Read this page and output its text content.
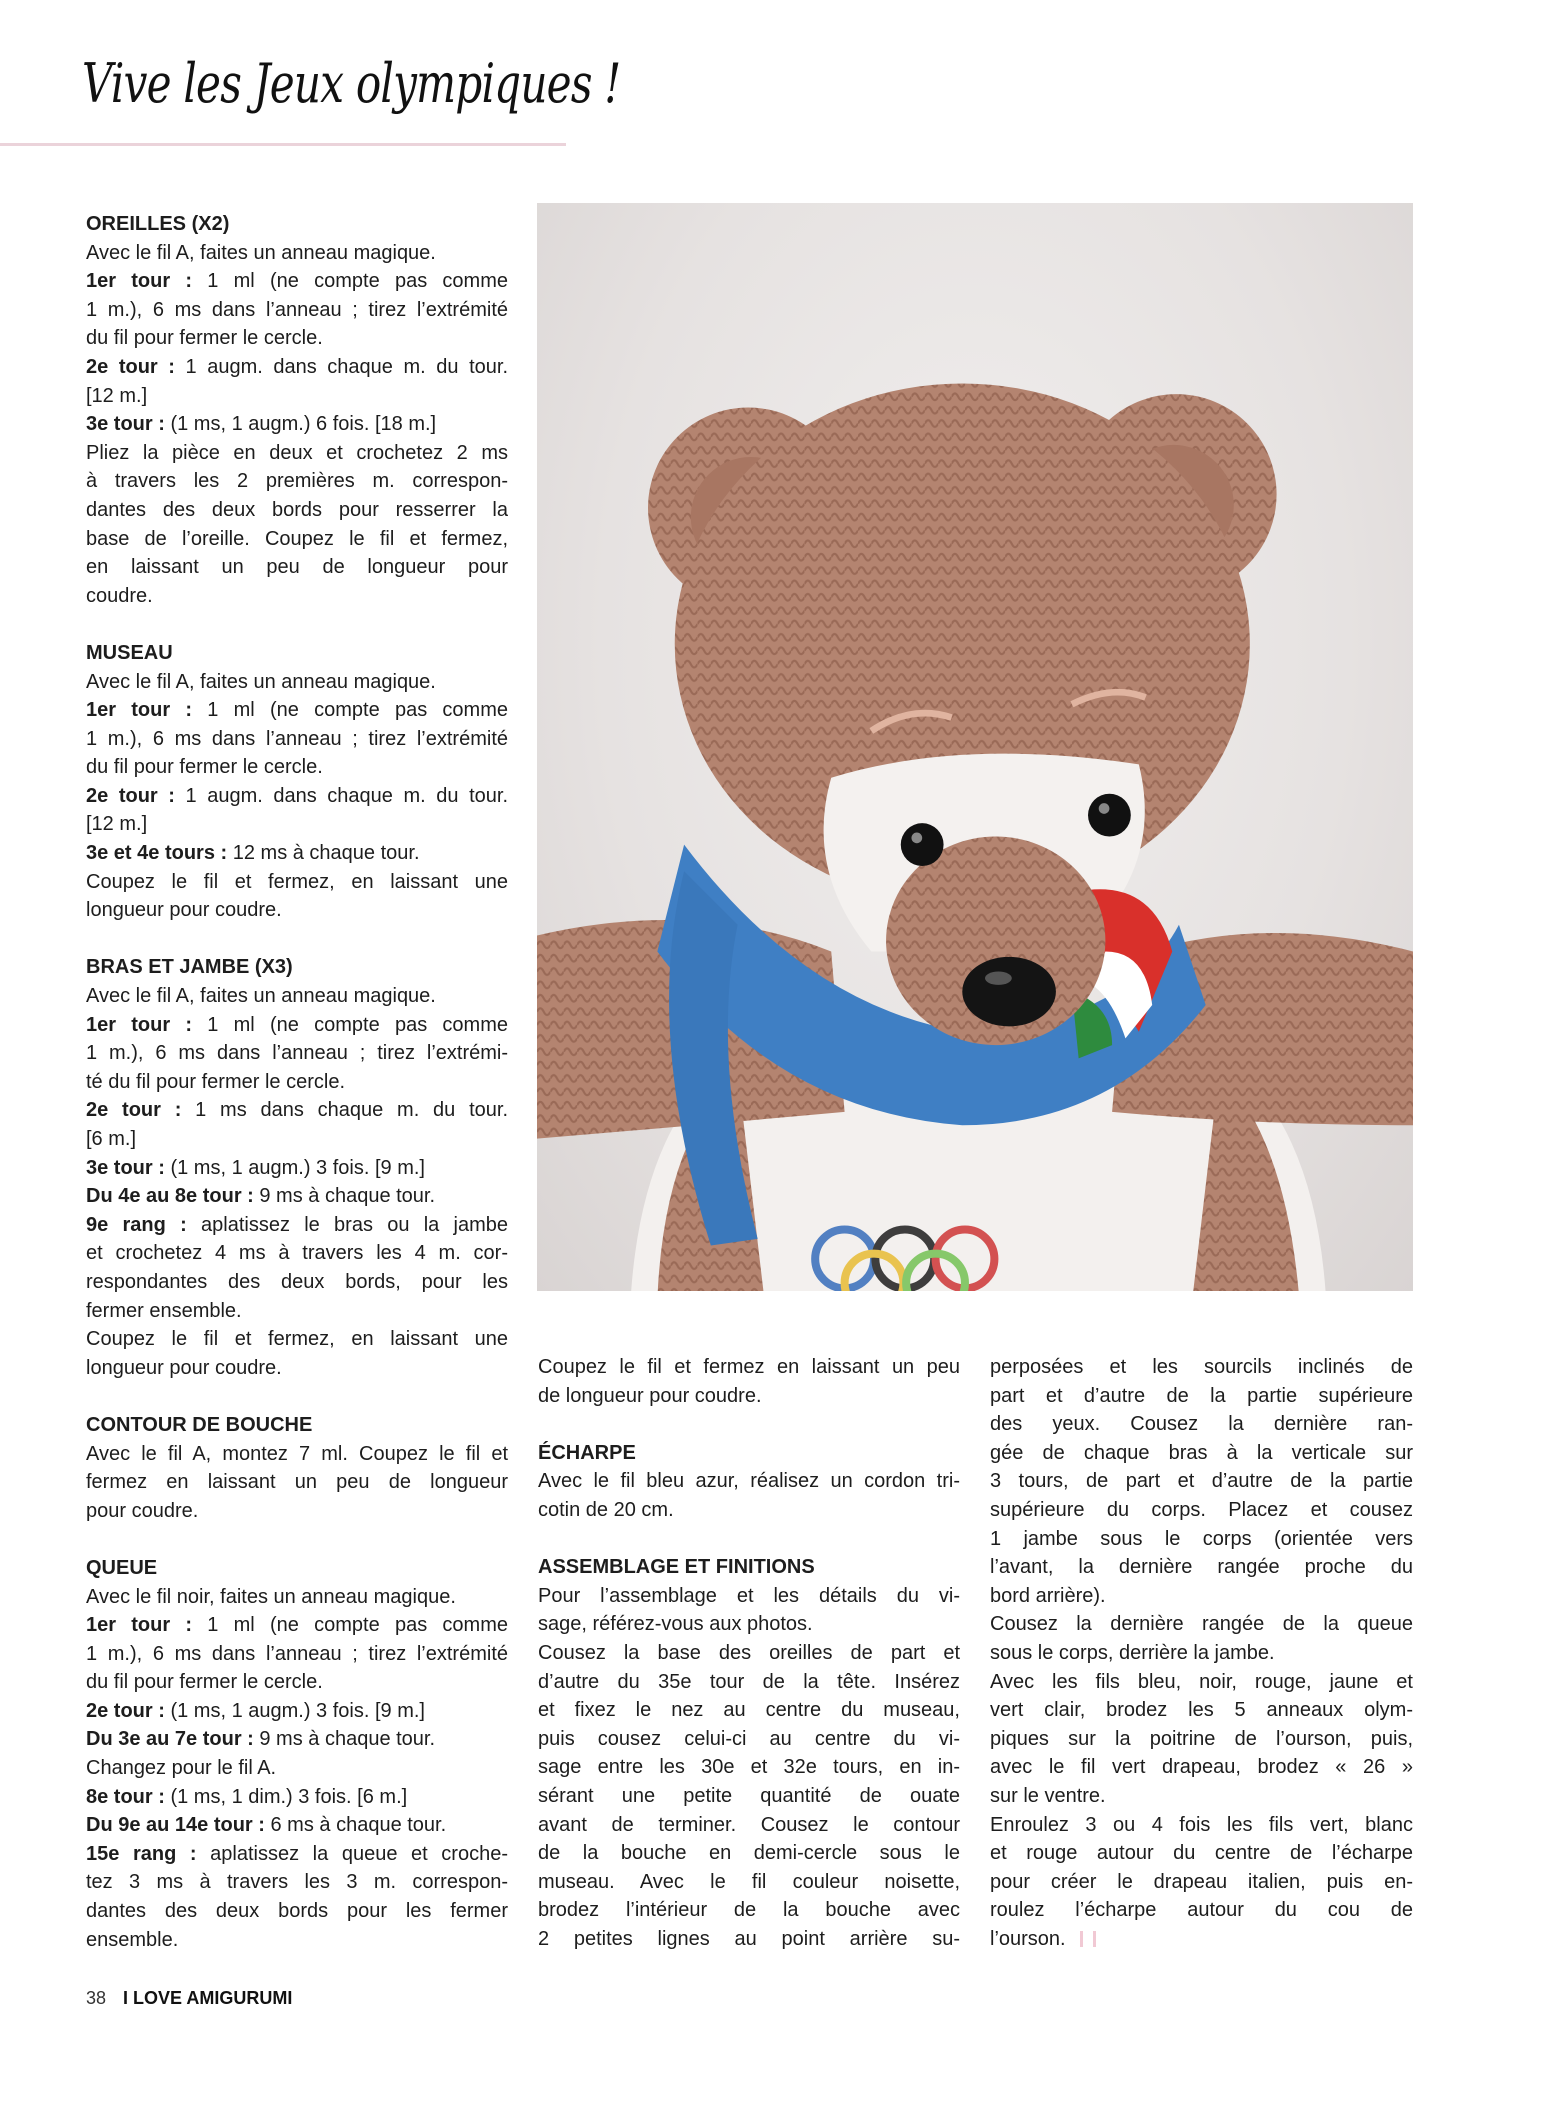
Vive les Jeux olympiques !
OREILLES (X2)
Avec le fil A, faites un anneau magique.
1er tour : 1 ml (ne compte pas comme
1 m.), 6 ms dans l’anneau ; tirez l’extrémité
du fil pour fermer le cercle.
2e tour : 1 augm. dans chaque m. du tour.
[12 m.]
3e tour : (1 ms, 1 augm.) 6 fois. [18 m.]
Pliez la pièce en deux et crochetez 2 ms
à travers les 2 premières m. correspon-
dantes des deux bords pour resserrer la
base de l’oreille. Coupez le fil et fermez,
en laissant un peu de longueur pour
coudre.
MUSEAU
Avec le fil A, faites un anneau magique.
1er tour : 1 ml (ne compte pas comme
1 m.), 6 ms dans l’anneau ; tirez l’extrémité
du fil pour fermer le cercle.
2e tour : 1 augm. dans chaque m. du tour.
[12 m.]
3e et 4e tours : 12 ms à chaque tour.
Coupez le fil et fermez, en laissant une
longueur pour coudre.
BRAS ET JAMBE (X3)
Avec le fil A, faites un anneau magique.
1er tour : 1 ml (ne compte pas comme
1 m.), 6 ms dans l’anneau ; tirez l’extrémi-
té du fil pour fermer le cercle.
2e tour : 1 ms dans chaque m. du tour.
[6 m.]
3e tour : (1 ms, 1 augm.) 3 fois. [9 m.]
Du 4e au 8e tour : 9 ms à chaque tour.
9e rang : aplatissez le bras ou la jambe
et crochetez 4 ms à travers les 4 m. cor-
respondantes des deux bords, pour les
fermer ensemble.
Coupez le fil et fermez, en laissant une
longueur pour coudre.
CONTOUR DE BOUCHE
Avec le fil A, montez 7 ml. Coupez le fil et
fermez en laissant un peu de longueur
pour coudre.
QUEUE
Avec le fil noir, faites un anneau magique.
1er tour : 1 ml (ne compte pas comme
1 m.), 6 ms dans l’anneau ; tirez l’extrémité
du fil pour fermer le cercle.
2e tour : (1 ms, 1 augm.) 3 fois. [9 m.]
Du 3e au 7e tour : 9 ms à chaque tour.
Changez pour le fil A.
8e tour : (1 ms, 1 dim.) 3 fois. [6 m.]
Du 9e au 14e tour : 6 ms à chaque tour.
15e rang : aplatissez la queue et croche-
tez 3 ms à travers les 3 m. correspon-
dantes des deux bords pour les fermer
ensemble.
Coupez le fil et fermez en laissant un peu
de longueur pour coudre.
ÉCHARPE
Avec le fil bleu azur, réalisez un cordon tri-
cotin de 20 cm.
ASSEMBLAGE ET FINITIONS
Pour l’assemblage et les détails du vi-
sage, référez-vous aux photos.
Cousez la base des oreilles de part et
d’autre du 35e tour de la tête. Insérez
et fixez le nez au centre du museau,
puis cousez celui-ci au centre du vi-
sage entre les 30e et 32e tours, en in-
sérant une petite quantité de ouate
avant de terminer. Cousez le contour
de la bouche en demi-cercle sous le
museau. Avec le fil couleur noisette,
brodez l’intérieur de la bouche avec
2 petites lignes au point arrière su-
perposées et les sourcils inclinés de
part et d’autre de la partie supérieure
des yeux. Cousez la dernière ran-
gée de chaque bras à la verticale sur
3 tours, de part et d’autre de la partie
supérieure du corps. Placez et cousez
1 jambe sous le corps (orientée vers
l’avant, la dernière rangée proche du
bord arrière).
Cousez la dernière rangée de la queue
sous le corps, derrière la jambe.
Avec les fils bleu, noir, rouge, jaune et
vert clair, brodez les 5 anneaux olym-
piques sur la poitrine de l’ourson, puis,
avec le fil vert drapeau, brodez « 26 »
sur le ventre.
Enroulez 3 ou 4 fois les fils vert, blanc
et rouge autour du centre de l’écharpe
pour créer le drapeau italien, puis en-
roulez l’écharpe autour du cou de
l’ourson.
38 I LOVE AMIGURUMI
